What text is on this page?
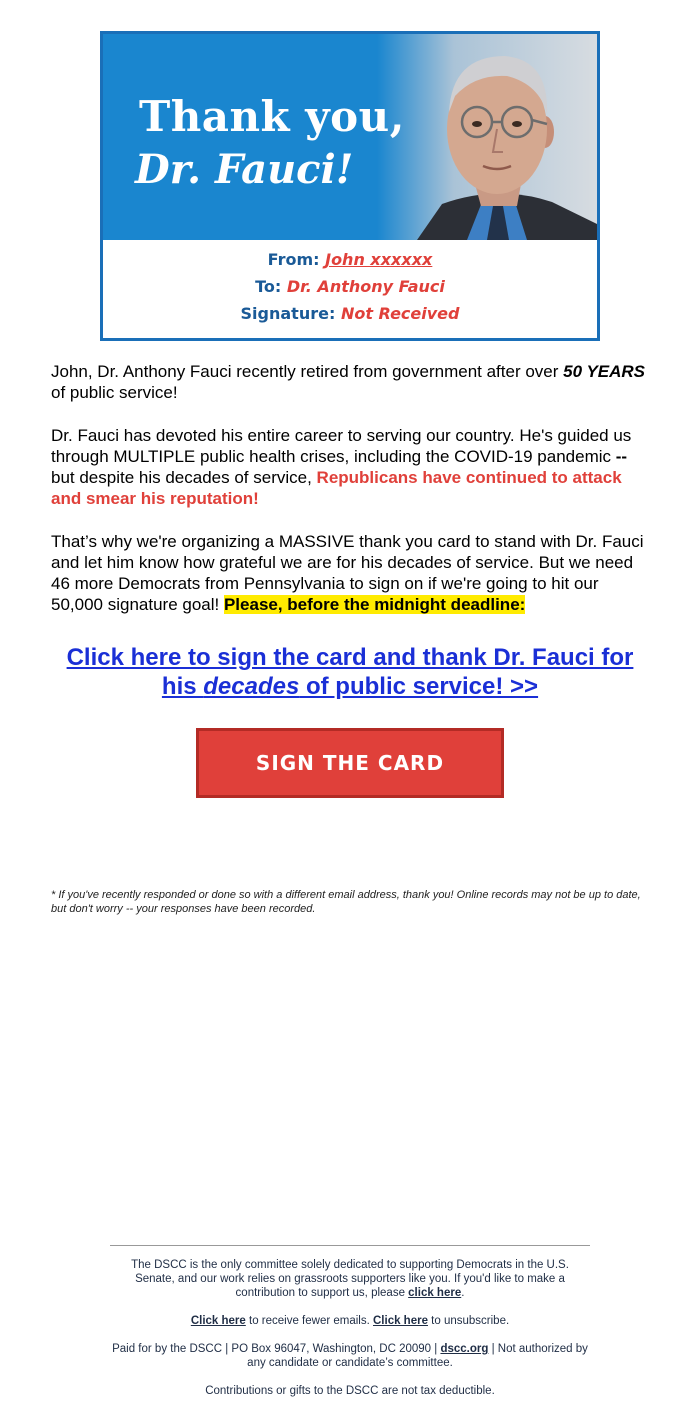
Thank you,
Dr. Fauci!
From: John xxxxxx
To: Dr. Anthony Fauci
Signature: Not Received

John, Dr. Anthony Fauci recently retired from government after over 50 YEARS of public service!

Dr. Fauci has devoted his entire career to serving our country. He's guided us through MULTIPLE public health crises, including the COVID-19 pandemic -- but despite his decades of service, Republicans have continued to attack and smear his reputation!

That’s why we're organizing a MASSIVE thank you card to stand with Dr. Fauci and let him know how grateful we are for his decades of service. But we need 46 more Democrats from Pennsylvania to sign on if we're going to hit our 50,000 signature goal! Please, before the midnight deadline:

Click here to sign the card and thank Dr. Fauci for his decades of public service! >>
SIGN THE CARD
* If you've recently responded or done so with a different email address, thank you! Online records may not be up to date, but don't worry -- your responses have been recorded.

The DSCC is the only committee solely dedicated to supporting Democrats in the U.S. Senate, and our work relies on grassroots supporters like you. If you'd like to make a contribution to support us, please click here.

Click here to receive fewer emails. Click here to unsubscribe.

Paid for by the DSCC | PO Box 96047, Washington, DC 20090 | dscc.org | Not authorized by any candidate or candidate’s committee.

Contributions or gifts to the DSCC are not tax deductible.
